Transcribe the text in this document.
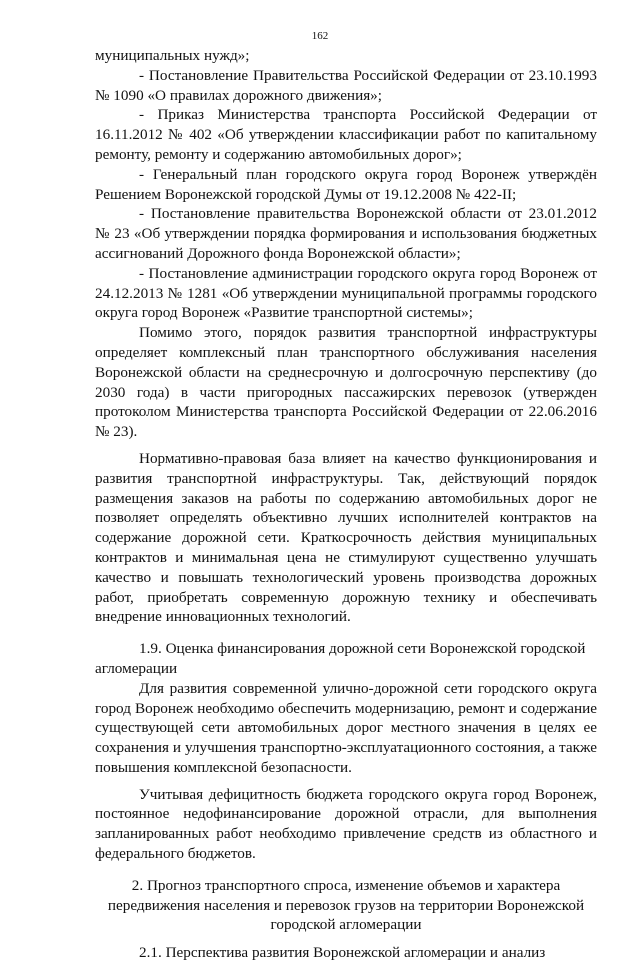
162

муниципальных нужд»;

- Постановление Правительства Российской Федерации от 23.10.1993 № 1090 «О правилах дорожного движения»;

- Приказ Министерства транспорта Российской Федерации от 16.11.2012 № 402 «Об утверждении классификации работ по капитальному ремонту, ремонту и содержанию автомобильных дорог»;

- Генеральный план городского округа город Воронеж утверждён Решением Воронежской городской Думы от 19.12.2008 № 422-II;

- Постановление правительства Воронежской области от 23.01.2012 № 23 «Об утверждении порядка формирования и использования бюджетных ассигнований Дорожного фонда Воронежской области»;

- Постановление администрации городского округа город Воронеж от 24.12.2013 № 1281 «Об утверждении муниципальной программы городского округа город Воронеж «Развитие транспортной системы»;

Помимо этого, порядок развития транспортной инфраструктуры определяет комплексный план транспортного обслуживания населения Воронежской области на среднесрочную и долгосрочную перспективу (до 2030 года) в части пригородных пассажирских перевозок (утвержден протоколом Министерства транспорта Российской Федерации от 22.06.2016 № 23).

Нормативно-правовая база влияет на качество функционирования и развития транспортной инфраструктуры. Так, действующий порядок размещения заказов на работы по содержанию автомобильных дорог не позволяет определять объективно лучших исполнителей контрактов на содержание дорожной сети. Краткосрочность действия муниципальных контрактов и минимальная цена не стимулируют существенно улучшать качество и повышать технологический уровень производства дорожных работ, приобретать современную дорожную технику и обеспечивать внедрение инновационных технологий.

1.9. Оценка финансирования дорожной сети Воронежской городской агломерации

Для развития современной улично-дорожной сети городского округа город Воронеж необходимо обеспечить модернизацию, ремонт и содержание существующей сети автомобильных дорог местного значения в целях ее сохранения и улучшения транспортно-эксплуатационного состояния, а также повышения комплексной безопасности.

Учитывая дефицитность бюджета городского округа город Воронеж, постоянное недофинансирование дорожной отрасли, для выполнения запланированных работ необходимо привлечение средств из областного и федерального бюджетов.

2. Прогноз транспортного спроса, изменение объемов и характера передвижения населения и перевозок грузов на территории Воронежской городской агломерации

2.1. Перспектива развития Воронежской агломерации и анализ
